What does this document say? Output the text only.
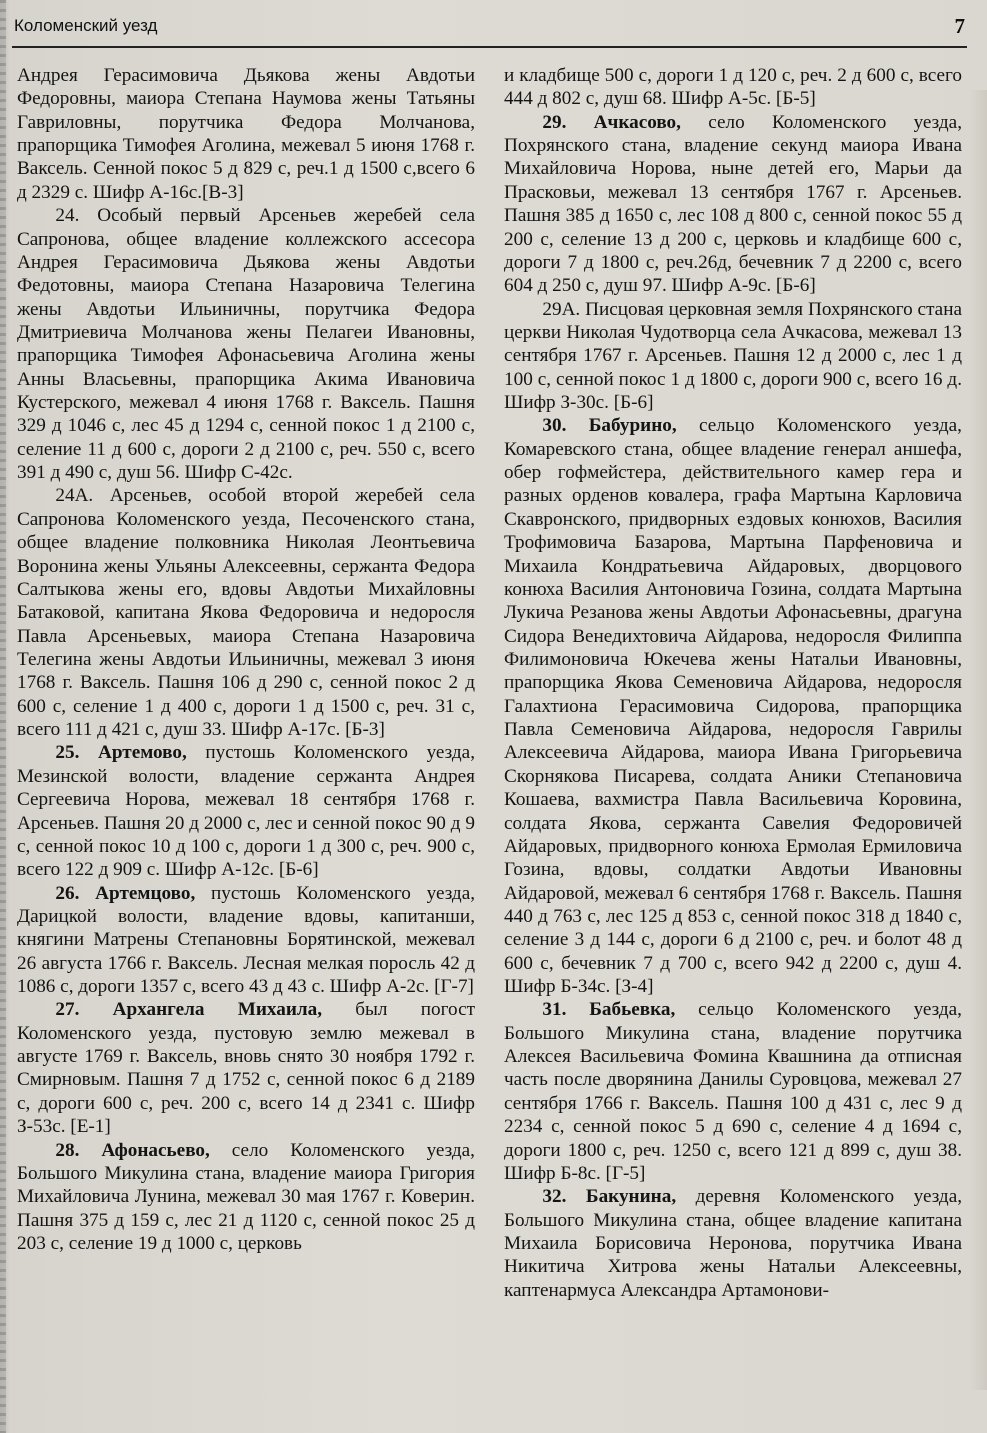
Коломенский уезд	7

Андрея Герасимовича Дьякова жены Авдотьи Федоровны, маиора Степана Наумова жены Татьяны Гавриловны, порутчика Федора Молчанова, прапорщика Тимофея Аголина, межевал 5 июня 1768 г. Ваксель. Сенной покос 5 д 829 с, реч.1 д 1500 с,всего 6 д 2329 с. Шифр А-16с.[В-3]

24. Особый первый Арсеньев жеребей села Сапронова, общее владение коллежского ассесора Андрея Герасимовича Дьякова жены Авдотьи Федотовны, маиора Степана Назаровича Телегина жены Авдотьи Ильиничны, порутчика Федора Дмитриевича Молчанова жены Пелагеи Ивановны, прапорщика Тимофея Афонасьевича Аголина жены Анны Власьевны, прапорщика Акима Ивановича Кустерского, межевал 4 июня 1768 г. Ваксель. Пашня 329 д 1046 с, лес 45 д 1294 с, сенной покос 1 д 2100 с, селение 11 д 600 с, дороги 2 д 2100 с, реч. 550 с, всего 391 д 490 с, душ 56. Шифр С-42с.

24А. Арсеньев, особой второй жеребей села Сапронова Коломенского уезда, Песоченского стана, общее владение полковника Николая Леонтьевича Воронина жены Ульяны Алексеевны, сержанта Федора Салтыкова жены его, вдовы Авдотьи Михайловны Батаковой, капитана Якова Федоровича и недоросля Павла Арсеньевых, маиора Степана Назаровича Телегина жены Авдотьи Ильиничны, межевал 3 июня 1768 г. Ваксель. Пашня 106 д 290 с, сенной покос 2 д 600 с, селение 1 д 400 с, дороги 1 д 1500 с, реч. 31 с, всего 111 д 421 с, душ 33. Шифр А-17с. [Б-3]

25. Артемово, пустошь Коломенского уезда, Мезинской волости, владение сержанта Андрея Сергеевича Норова, межевал 18 сентября 1768 г. Арсеньев. Пашня 20 д 2000 с, лес и сенной покос 90 д 9 с, сенной покос 10 д 100 с, дороги 1 д 300 с, реч. 900 с, всего 122 д 909 с. Шифр А-12с. [Б-6]

26. Артемцово, пустошь Коломенского уезда, Дарицкой волости, владение вдовы, капитанши, княгини Матрены Степановны Борятинской, межевал 26 августа 1766 г. Ваксель. Лесная мелкая поросль 42 д 1086 с, дороги 1357 с, всего 43 д 43 с. Шифр А-2с. [Г-7]

27. Архангела Михаила, был погост Коломенского уезда, пустовую землю межевал в августе 1769 г. Ваксель, вновь снято 30 ноября 1792 г. Смирновым. Пашня 7 д 1752 с, сенной покос 6 д 2189 с, дороги 600 с, реч. 200 с, всего 14 д 2341 с. Шифр З-53с. [Е-1]

28. Афонасьево, село Коломенского уезда, Большого Микулина стана, владение маиора Григория Михайловича Лунина, межевал 30 мая 1767 г. Коверин. Пашня 375 д 159 с, лес 21 д 1120 с, сенной покос 25 д 203 с, селение 19 д 1000 с, церковь

и кладбище 500 с, дороги 1 д 120 с, реч. 2 д 600 с, всего 444 д 802 с, душ 68. Шифр А-5с. [Б-5]

29. Ачкасово, село Коломенского уезда, Похрянского стана, владение секунд маиора Ивана Михайловича Норова, ныне детей его, Марьи да Прасковьи, межевал 13 сентября 1767 г. Арсеньев. Пашня 385 д 1650 с, лес 108 д 800 с, сенной покос 55 д 200 с, селение 13 д 200 с, церковь и кладбище 600 с, дороги 7 д 1800 с, реч.26д, бечевник 7 д 2200 с, всего 604 д 250 с, душ 97. Шифр А-9с. [Б-6]

29А. Писцовая церковная земля Похрянского стана церкви Николая Чудотворца села Ачкасова, межевал 13 сентября 1767 г. Арсеньев. Пашня 12 д 2000 с, лес 1 д 100 с, сенной покос 1 д 1800 с, дороги 900 с, всего 16 д. Шифр З-30с. [Б-6]

30. Бабурино, сельцо Коломенского уезда, Комаревского стана, общее владение генерал аншефа, обер гофмейстера, действительного камер гера и разных орденов ковалера, графа Мартына Карловича Скавронского, придворных ездовых конюхов, Василия Трофимовича Базарова, Мартына Парфеновича и Михаила Кондратьевича Айдаровых, дворцового конюха Василия Антоновича Гозина, солдата Мартына Лукича Резанова жены Авдотьи Афонасьевны, драгуна Сидора Венедихтовича Айдарова, недоросля Филиппа Филимоновича Юкечева жены Натальи Ивановны, прапорщика Якова Семеновича Айдарова, недоросля Галахтиона Герасимовича Сидорова, прапорщика Павла Семеновича Айдарова, недоросля Гаврилы Алексеевича Айдарова, маиора Ивана Григорьевича Скорнякова Писарева, солдата Аники Степановича Кошаева, вахмистра Павла Васильевича Коровина, солдата Якова, сержанта Савелия Федоровичей Айдаровых, придворного конюха Ермолая Ермиловича Гозина, вдовы, солдатки Авдотьи Ивановны Айдаровой, межевал 6 сентября 1768 г. Ваксель. Пашня 440 д 763 с, лес 125 д 853 с, сенной покос 318 д 1840 с, селение 3 д 144 с, дороги 6 д 2100 с, реч. и болот 48 д 600 с, бечевник 7 д 700 с, всего 942 д 2200 с, душ 4. Шифр Б-34с. [З-4]

31. Бабьевка, сельцо Коломенского уезда, Большого Микулина стана, владение порутчика Алексея Васильевича Фомина Квашнина да отписная часть после дворянина Данилы Суровцова, межевал 27 сентября 1766 г. Ваксель. Пашня 100 д 431 с, лес 9 д 2234 с, сенной покос 5 д 690 с, селение 4 д 1694 с, дороги 1800 с, реч. 1250 с, всего 121 д 899 с, душ 38. Шифр Б-8с. [Г-5]

32. Бакунина, деревня Коломенского уезда, Большого Микулина стана, общее владение капитана Михаила Борисовича Неронова, порутчика Ивана Никитича Хитрова жены Натальи Алексеевны, каптенармуса Александра Артамонови-
